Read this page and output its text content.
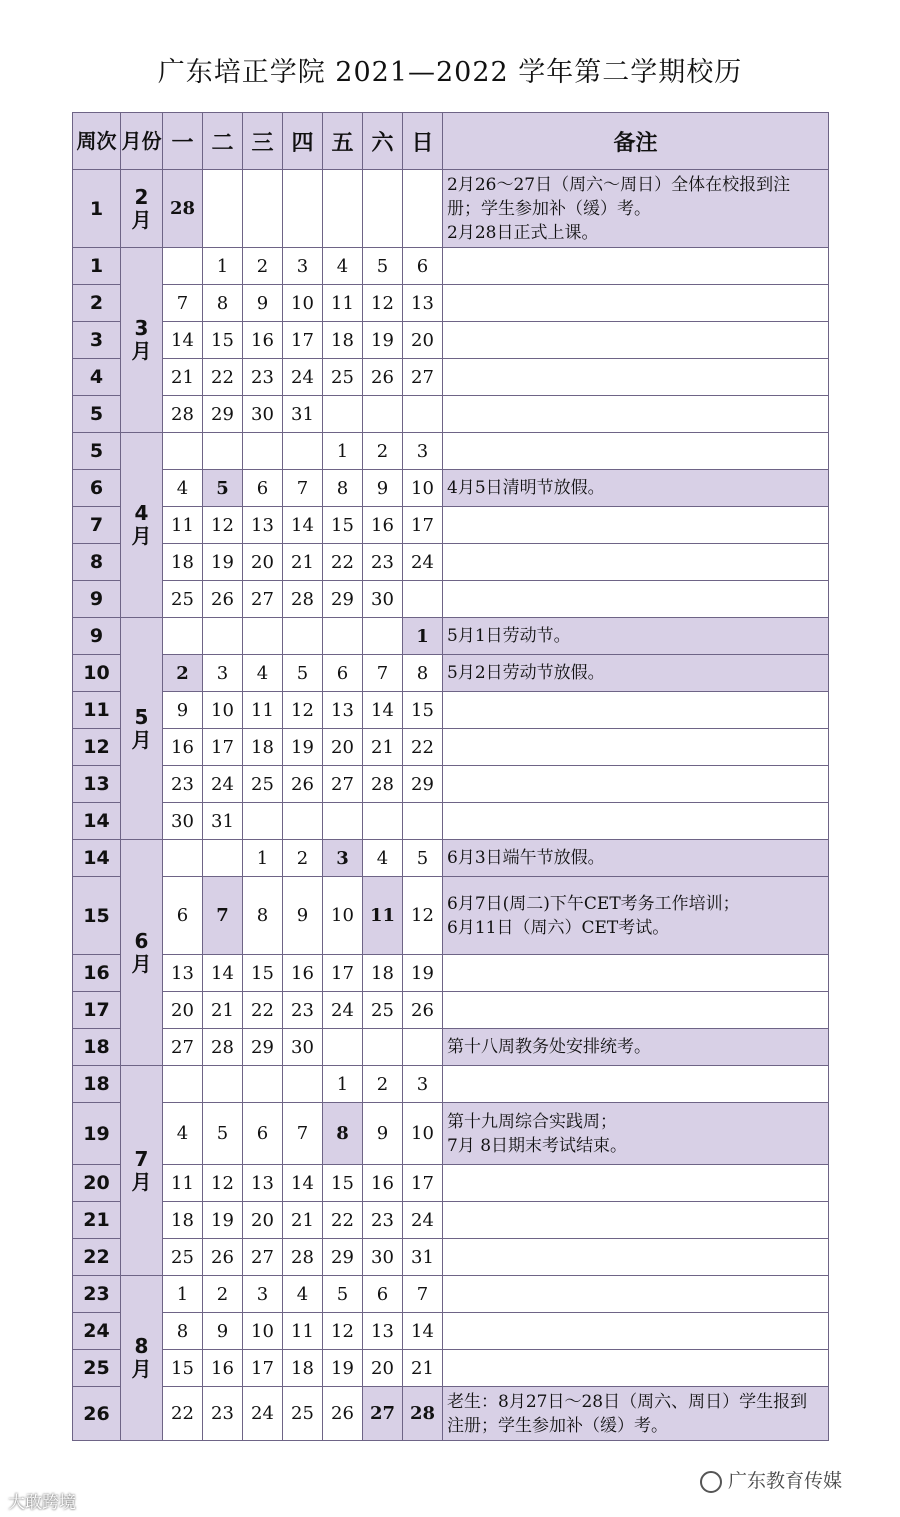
广东培正学院 2021—2022 学年第二学期校历
周次	月份	一	二	三	四	五	六	日	备注
1	2月	28							2月26～27日（周六～周日）全体在校报到注册；学生参加补（缓）考。
2月28日正式上课。
1	3月		1	2	3	4	5	6	
2		7	8	9	10	11	12	13	
3		14	15	16	17	18	19	20	
4		21	22	23	24	25	26	27	
5		28	29	30	31				
5	4月					1	2	3	
6		4	5	6	7	8	9	10	4月5日清明节放假。
7		11	12	13	14	15	16	17	
8		18	19	20	21	22	23	24	
9		25	26	27	28	29	30		
9	5月							1	5月1日劳动节。
10		2	3	4	5	6	7	8	5月2日劳动节放假。
11		9	10	11	12	13	14	15	
12		16	17	18	19	20	21	22	
13		23	24	25	26	27	28	29	
14		30	31						
14	6月			1	2	3	4	5	6月3日端午节放假。
15		6	7	8	9	10	11	12	6月7日(周二)下午CET考务工作培训；
6月11日（周六）CET考试。
16		13	14	15	16	17	18	19	
17		20	21	22	23	24	25	26	
18		27	28	29	30				第十八周教务处安排统考。
18	7月					1	2	3	
19		4	5	6	7	8	9	10	第十九周综合实践周；
7月 8日期末考试结束。
20		11	12	13	14	15	16	17	
21		18	19	20	21	22	23	24	
22		25	26	27	28	29	30	31	
23	8月	1	2	3	4	5	6	7	
24		8	9	10	11	12	13	14	
25		15	16	17	18	19	20	21	
26		22	23	24	25	26	27	28	老生：8月27日～28日（周六、周日）学生报到注册；学生参加补（缓）考。
广东教育传媒
大敢跨境
